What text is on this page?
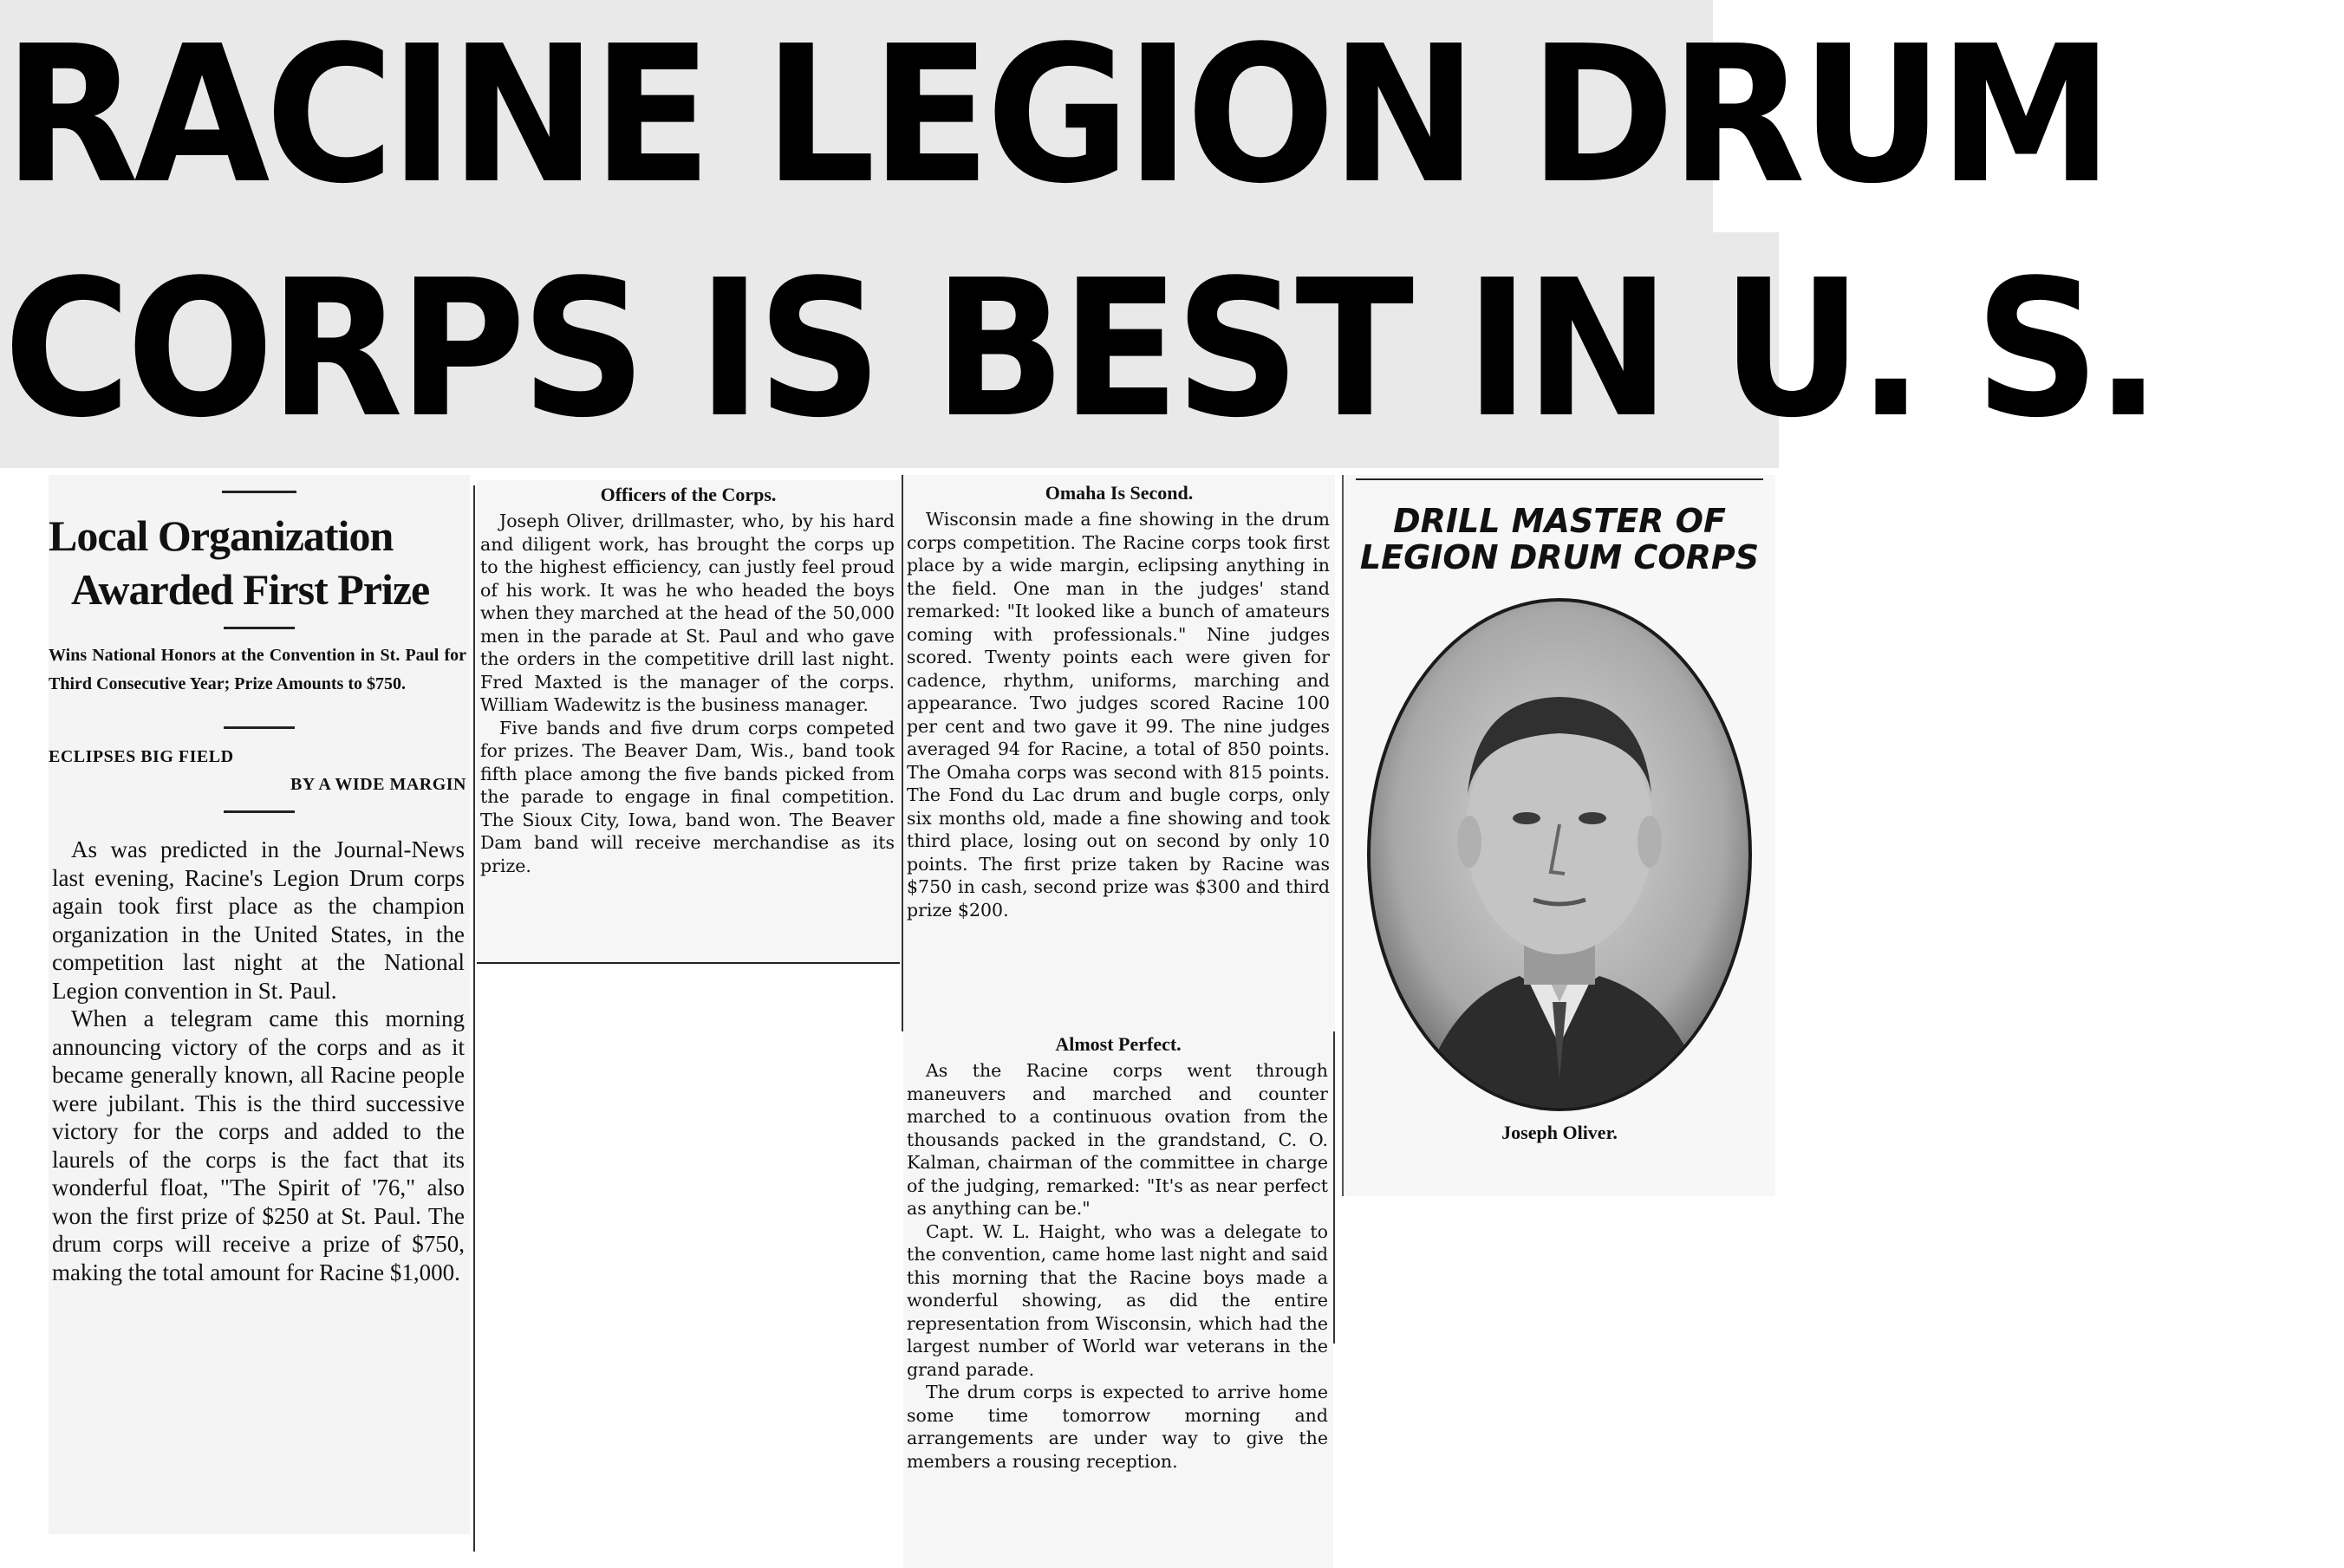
RACINE LEGION DRUM
CORPS IS BEST IN U. S.

Local Organization

Awarded First Prize

Wins National Honors at the Convention in St. Paul for Third Consecutive Year; Prize Amounts to $750.

ECLIPSES BIG FIELD

BY A WIDE MARGIN

As was predicted in the Journal-News last evening, Racine's Legion Drum corps again took first place as the champion organization in the United States, in the competition last night at the National Legion convention in St. Paul.

When a telegram came this morning announcing victory of the corps and as it became generally known, all Racine people were jubilant. This is the third successive victory for the corps and added to the laurels of the corps is the fact that its wonderful float, "The Spirit of '76," also won the first prize of $250 at St. Paul. The drum corps will receive a prize of $750, making the total amount for Racine $1,000.

Officers of the Corps.

Joseph Oliver, drillmaster, who, by his hard and diligent work, has brought the corps up to the highest efficiency, can justly feel proud of his work. It was he who headed the boys when they marched at the head of the 50,000 men in the parade at St. Paul and who gave the orders in the competitive drill last night. Fred Maxted is the manager of the corps. William Wadewitz is the business manager.

Five bands and five drum corps competed for prizes. The Beaver Dam, Wis., band took fifth place among the five bands picked from the parade to engage in final competition. The Sioux City, Iowa, band won. The Beaver Dam band will receive merchandise as its prize.

Omaha Is Second.

Wisconsin made a fine showing in the drum corps competition. The Racine corps took first place by a wide margin, eclipsing anything in the field. One man in the judges' stand remarked: "It looked like a bunch of amateurs coming with professionals." Nine judges scored. Twenty points each were given for cadence, rhythm, uniforms, marching and appearance. Two judges scored Racine 100 per cent and two gave it 99. The nine judges averaged 94 for Racine, a total of 850 points. The Omaha corps was second with 815 points. The Fond du Lac drum and bugle corps, only six months old, made a fine showing and took third place, losing out on second by only 10 points. The first prize taken by Racine was $750 in cash, second prize was $300 and third prize $200.

Almost Perfect.

As the Racine corps went through maneuvers and marched and counter marched to a continuous ovation from the thousands packed in the grandstand, C. O. Kalman, chairman of the committee in charge of the judging, remarked: "It's as near perfect as anything can be."

Capt. W. L. Haight, who was a delegate to the convention, came home last night and said this morning that the Racine boys made a wonderful showing, as did the entire representation from Wisconsin, which had the largest number of World war veterans in the grand parade.

The drum corps is expected to arrive home some time tomorrow morning and arrangements are under way to give the members a rousing reception.

DRILL MASTER OF
LEGION DRUM CORPS

Joseph Oliver.
